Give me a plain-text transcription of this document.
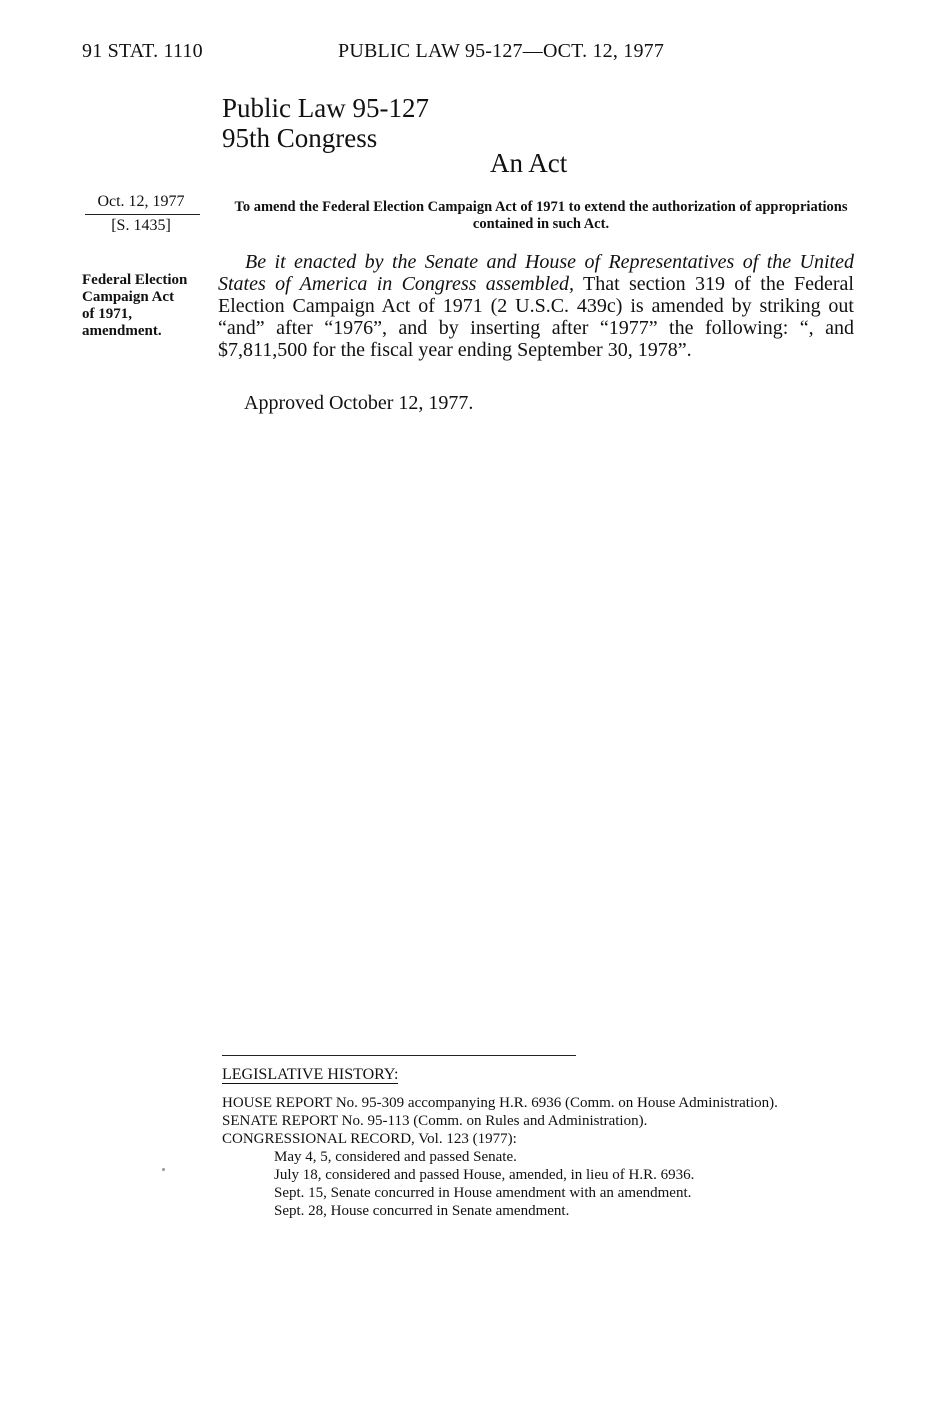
91 STAT. 1110	PUBLIC LAW 95-127—OCT. 12, 1977
Public Law 95-127
95th Congress
An Act
Oct. 12, 1977
[S. 1435]
Federal Election
Campaign Act
of 1971,
amendment.
To amend the Federal Election Campaign Act of 1971 to extend the authorization of appropriations contained in such Act.
Be it enacted by the Senate and House of Representatives of the United States of America in Congress assembled, That section 319 of the Federal Election Campaign Act of 1971 (2 U.S.C. 439c) is amended by striking out “and” after “1976”, and by inserting after “1977” the following: “, and $7,811,500 for the fiscal year ending September 30, 1978”.
Approved October 12, 1977.
LEGISLATIVE HISTORY:
HOUSE REPORT No. 95-309 accompanying H.R. 6936 (Comm. on House Administration).
SENATE REPORT No. 95-113 (Comm. on Rules and Administration).
CONGRESSIONAL RECORD, Vol. 123 (1977):
May 4, 5, considered and passed Senate.
July 18, considered and passed House, amended, in lieu of H.R. 6936.
Sept. 15, Senate concurred in House amendment with an amendment.
Sept. 28, House concurred in Senate amendment.
